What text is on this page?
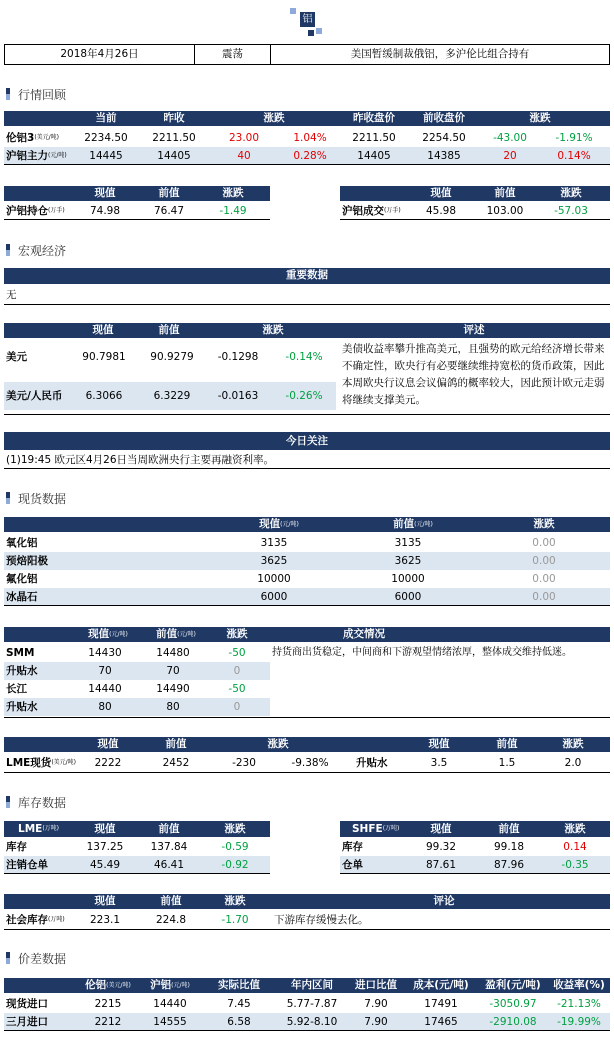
铝
2018年4月26日	震荡	美国暂缓制裁俄铝，多沪伦比组合持有
行情回顾
当前	昨收	涨跌	昨收盘价	前收盘价	涨跌
伦铝$3^{(美元/吨)}$	2234.50	2211.50	23.00	1.04%	2211.50	2254.50	-43.00	-1.91%
沪铝主力$^{(元/吨)}$	14445	14405	40	0.28%	14405	14385	20	0.14%
现值	前值	涨跌
沪铝持仓$^{(万手)}$	74.98	76.47	-1.49
现值	前值	涨跌
沪铝成交$^{(万手)}$	45.98	103.00	-57.03
宏观经济
重要数据
无
现值	前值	涨跌	评述
美元	90.7981	90.9279	-0.1298	-0.14%
美元/人民币	6.3066	6.3229	-0.0163	-0.26%
美债收益率攀升推高美元，且强势的欧元给经济增长带来不确定性，欧央行有必要继续维持宽松的货币政策，因此本周欧央行议息会议偏鸽的概率较大，因此预计欧元走弱将继续支撑美元。
今日关注
(1)19:45 欧元区4月26日当周欧洲央行主要再融资利率。
现货数据
现值$^{(元/吨)}$	前值$^{(元/吨)}$	涨跌
氧化铝	3135	3135	0.00
预焙阳极	3625	3625	0.00
氟化铝	10000	10000	0.00
冰晶石	6000	6000	0.00
现值$^{(元/吨)}$	前值$^{(元/吨)}$	涨跌	成交情况
SMM	14430	14480	-50
升贴水	70	70	0
长江	14440	14490	-50
升贴水	80	80	0
持货商出货稳定，中间商和下游观望情绪浓厚，整体成交维持低迷。
现值	前值	涨跌	现值	前值	涨跌
LME现货$^{(美元/吨)}$	2222	2452	-230	-9.38%	升贴水	3.5	1.5	2.0
库存数据
$LME^{(万吨)}$	现值	前值	涨跌
库存	137.25	137.84	-0.59
注销仓单	45.49	46.41	-0.92
$SHFE^{(万吨)}$	现值	前值	涨跌
库存	99.32	99.18	0.14
仓单	87.61	87.96	-0.35
现值	前值	涨跌	评论
社会库存$^{(万吨)}$	223.1	224.8	-1.70	下游库存缓慢去化。
价差数据
伦铝$^{(美元/吨)}$	沪铝$^{(元/吨)}$	实际比值	年内区间	进口比值	成本(元/吨)	盈利(元/吨)	收益率(%)
现货进口	2215	14440	7.45	5.77-7.87	7.90	17491	-3050.97	-21.13%
三月进口	2212	14555	6.58	5.92-8.10	7.90	17465	-2910.08	-19.99%
